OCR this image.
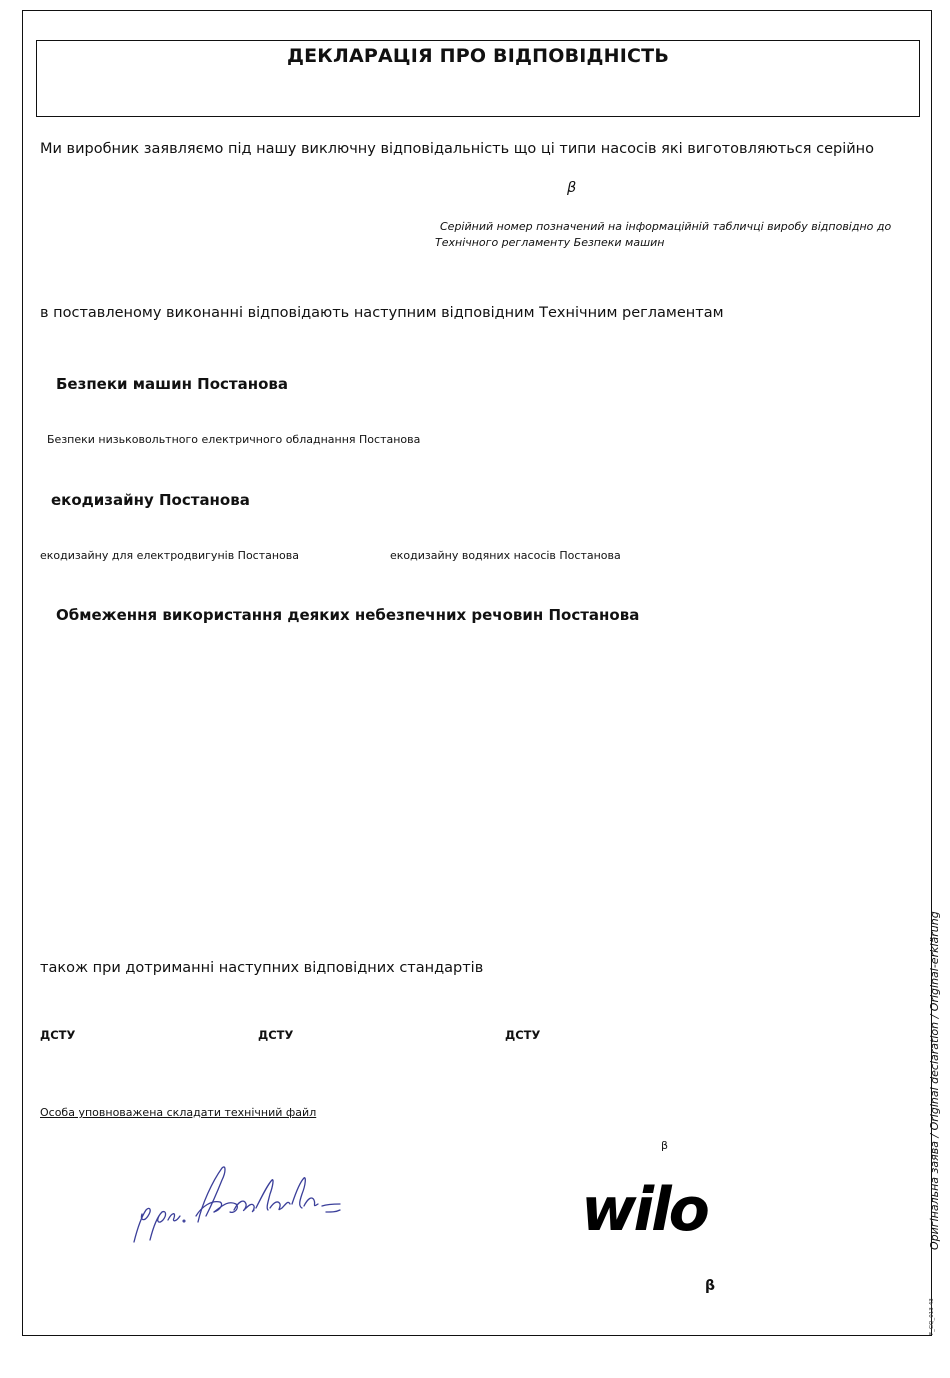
ДЕКЛАРАЦІЯ ПРО ВІДПОВІДНІСТЬ
Ми виробник заявляємо під нашу виключну відповідальність що ці типи насосів які виготовляються серійно
β
Серійний номер позначений на інформаційній табличці виробу відповідно до
Технічного регламенту Безпеки машин
в поставленому виконанні відповідають наступним відповідним Технічним регламентам
Безпеки машин Постанова
Безпеки низьковольтного електричного обладнання Постанова
екодизайну Постанова
екодизайну для електродвигунів Постанова	екодизайну водяних насосів Постанова
Обмеження використання деяких небезпечних речовин Постанова
також при дотриманні наступних відповідних стандартів
ДСТУ	ДСТУ	ДСТУ
Особа уповноважена складати технічний файл
β
wilo
β
Оригінальна заява / Original declaration / Original-erklärung
F_GQ_013-43
